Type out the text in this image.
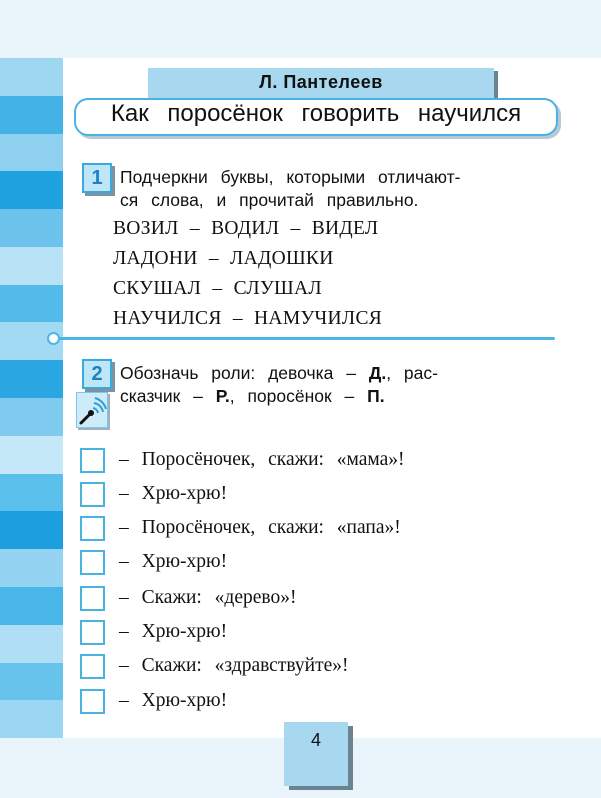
Л. Пантелеев
Как поросёнок говорить научился
1 Подчеркни буквы, которыми отличают-
ся слова, и прочитай правильно.
ВОЗИЛ – ВОДИЛ – ВИДЕЛ
ЛАДОНИ – ЛАДОШКИ
СКУШАЛ – СЛУШАЛ
НАУЧИЛСЯ – НАМУЧИЛСЯ
2 Обозначь роли: девочка – Д., рас-
сказчик – Р., поросёнок – П.
– Поросёночек, скажи: «мама»!
– Хрю-хрю!
– Поросёночек, скажи: «папа»!
– Хрю-хрю!
– Скажи: «дерево»!
– Хрю-хрю!
– Скажи: «здравствуйте»!
– Хрю-хрю!
4
